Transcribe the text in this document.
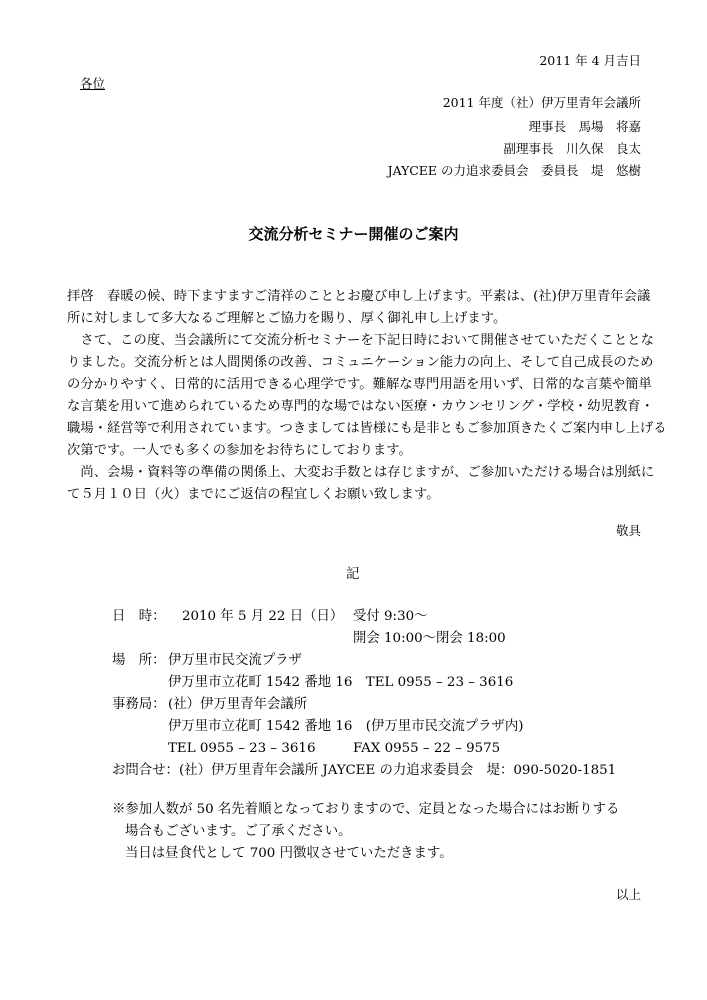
2011 年 4 月吉日
各位
2011 年度（社）伊万里青年会議所
理事長　馬場　将嘉
副理事長　川久保　良太
JAYCEE の力追求委員会　委員長　堤　悠樹
交流分析セミナー開催のご案内
拝啓　春暖の候、時下ますますご清祥のこととお慶び申し上げます。平素は、(社)伊万里青年会議
所に対しまして多大なるご理解とご協力を賜り、厚く御礼申し上げます。
　さて、この度、当会議所にて交流分析セミナーを下記日時において開催させていただくこととな
りました。交流分析とは人間関係の改善、コミュニケーション能力の向上、そして自己成長のため
の分かりやすく、日常的に活用できる心理学です。難解な専門用語を用いず、日常的な言葉や簡単
な言葉を用いて進められているため専門的な場ではない医療・カウンセリング・学校・幼児教育・
職場・経営等で利用されています。つきましては皆様にも是非ともご参加頂きたくご案内申し上げる
次第です。一人でも多くの参加をお待ちにしております。
　尚、会場・資料等の準備の関係上、大変お手数とは存じますが、ご参加いただける場合は別紙に
て５月１０日（火）までにご返信の程宜しくお願い致します。
敬具
記
日　時： 2010 年 5 月 22 日（日） 受付 9:30～
開会 10:00～閉会 18:00
場　所： 伊万里市民交流プラザ
伊万里市立花町 1542 番地 16　TEL 0955 – 23 – 3616
事務局： (社）伊万里青年会議所
伊万里市立花町 1542 番地 16　(伊万里市民交流プラザ内)
TEL 0955 – 23 – 3616	FAX 0955 – 22 – 9575
お問合せ：(社）伊万里青年会議所 JAYCEE の力追求委員会　堤：090-5020-1851
※参加人数が 50 名先着順となっておりますので、定員となった場合にはお断りする
場合もございます。ご了承ください。
当日は昼食代として 700 円徴収させていただきます。
以上
